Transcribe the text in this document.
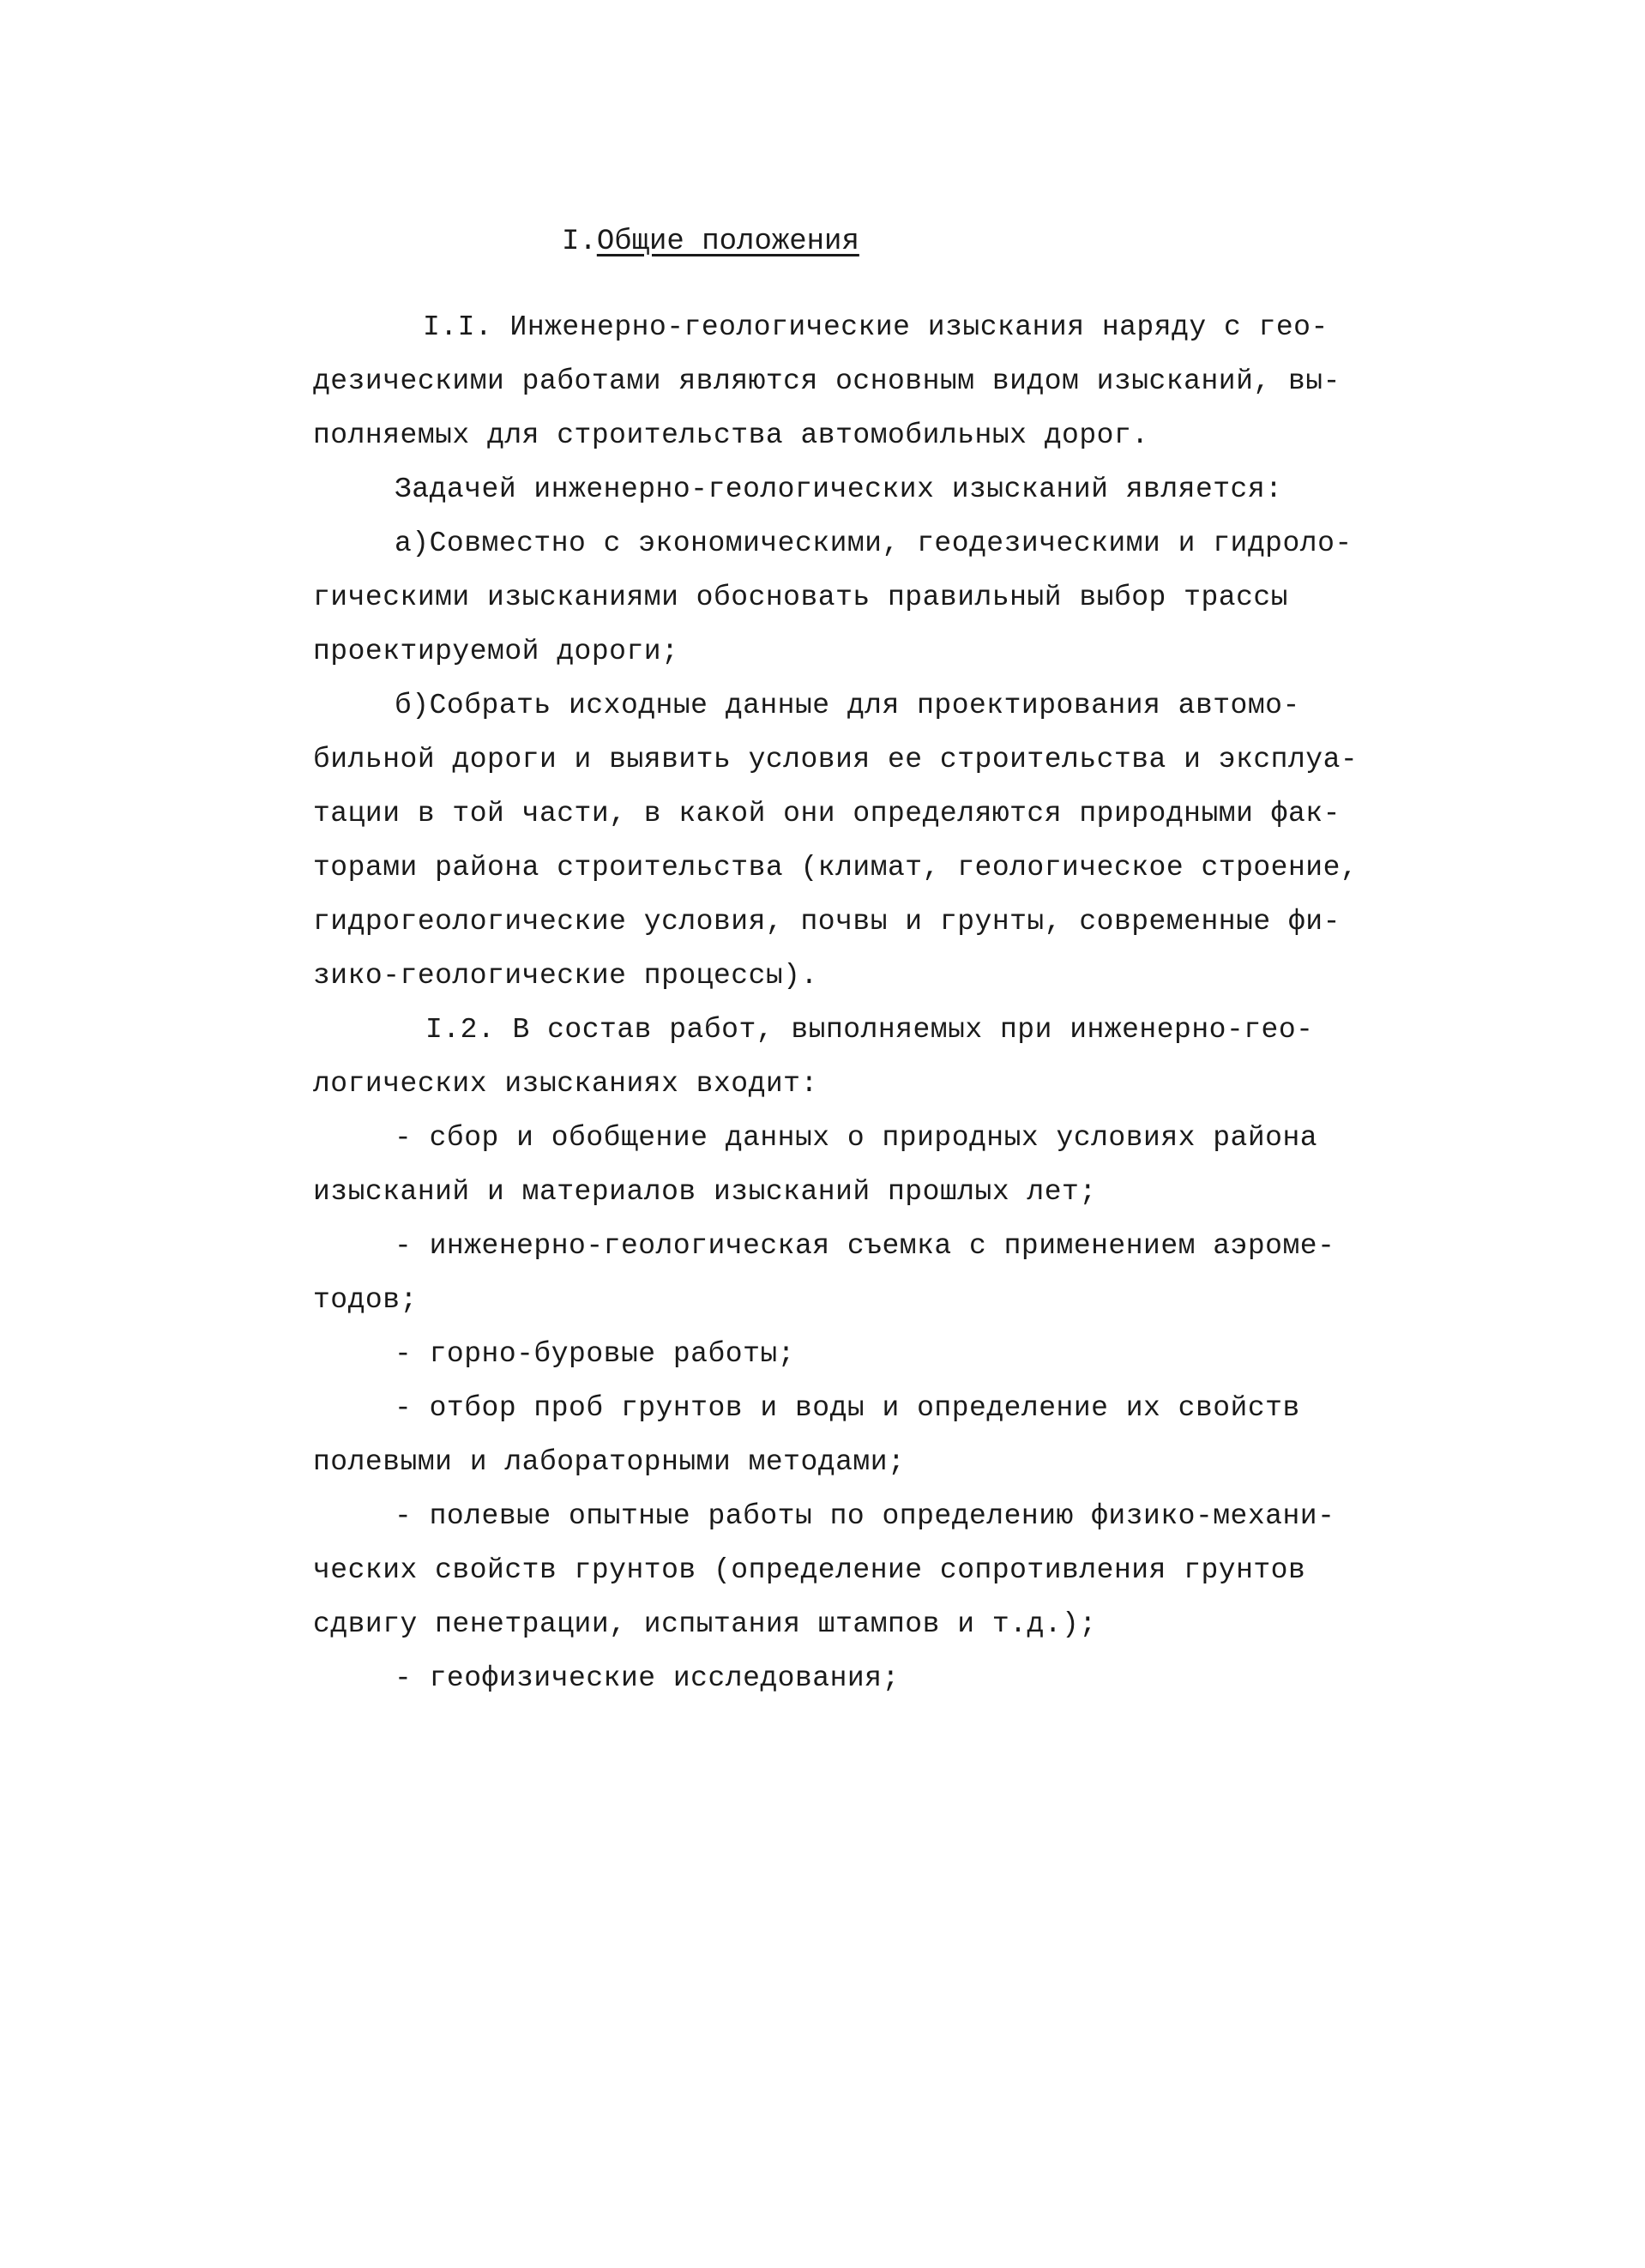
I.Общие положения
I.I. Инженерно-геологические изыскания наряду с гео-
дезическими работами являются основным видом изысканий, вы-
полняемых для строительства автомобильных дорог.
Задачей инженерно-геологических изысканий является:
а)Совместно с экономическими, геодезическими и гидроло-
гическими изысканиями обосновать правильный выбор трассы
проектируемой дороги;
б)Собрать исходные данные для проектирования автомо-
бильной дороги и выявить условия ее строительства и эксплуа-
тации в той части, в какой они определяются природными фак-
торами района строительства (климат, геологическое строение,
гидрогеологические условия, почвы и грунты, современные фи-
зико-геологические процессы).
I.2. В состав работ, выполняемых при инженерно-гео-
логических изысканиях входит:
- сбор и обобщение данных о природных условиях района
изысканий и материалов изысканий прошлых лет;
- инженерно-геологическая съемка с применением аэроме-
тодов;
- горно-буровые работы;
- отбор проб грунтов и воды и определение их свойств
полевыми и лабораторными методами;
- полевые опытные работы по определению физико-механи-
ческих свойств грунтов (определение сопротивления грунтов
сдвигу пенетрации, испытания штампов и т.д.);
- геофизические исследования;
